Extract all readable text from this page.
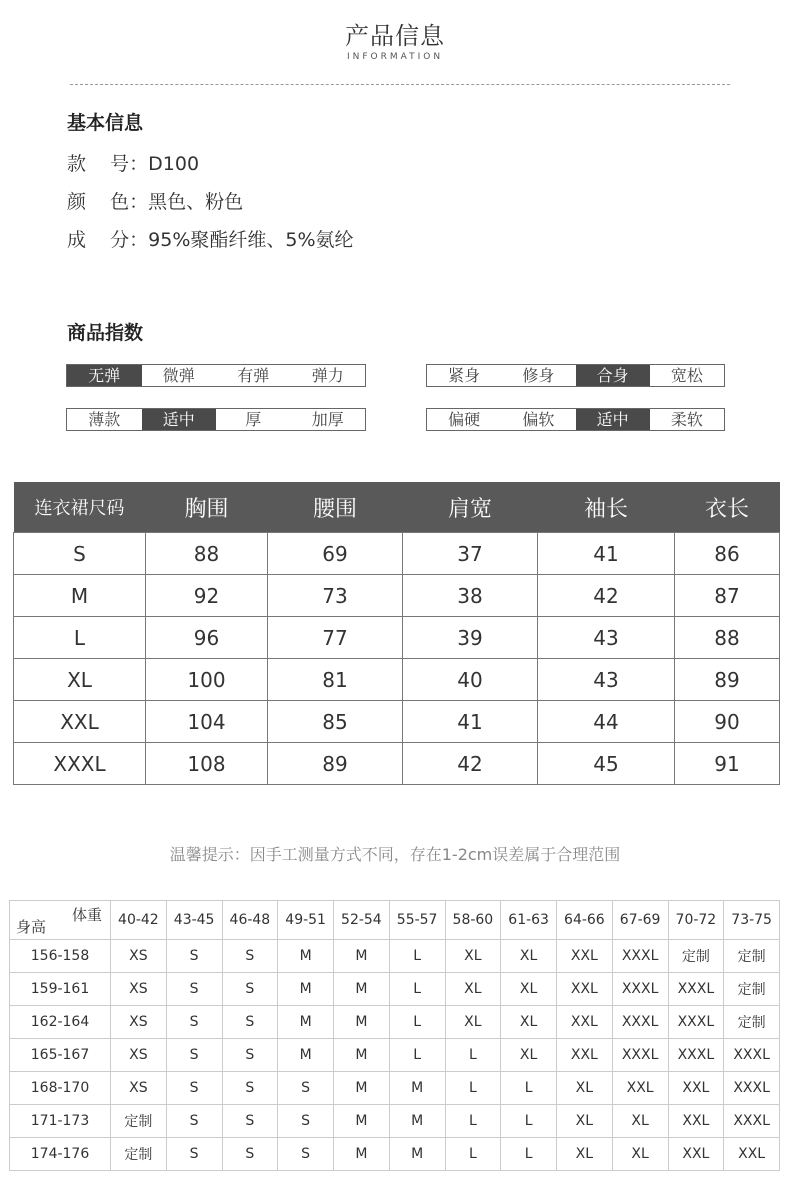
产品信息
INFORMATION
基本信息
款    号：D100
颜    色：黑色、粉色
成    分：95%聚酯纤维、5%氨纶
商品指数
无弹	微弹	有弹	弹力	紧身	修身	合身	宽松
薄款	适中	厚	加厚	偏硬	偏软	适中	柔软
连衣裙尺码	胸围	腰围	肩宽	袖长	衣长
S	88	69	37	41	86
M	92	73	38	42	87
L	96	77	39	43	88
XL	100	81	40	43	89
XXL	104	85	41	44	90
XXXL	108	89	42	45	91
温馨提示：因手工测量方式不同，存在1-2cm误差属于合理范围
体重
身高	40-42	43-45	46-48	49-51	52-54	55-57	58-60	61-63	64-66	67-69	70-72	73-75
156-158	XS	S	S	M	M	L	XL	XL	XXL	XXXL	定制	定制
159-161	XS	S	S	M	M	L	XL	XL	XXL	XXXL	XXXL	定制
162-164	XS	S	S	M	M	L	XL	XL	XXL	XXXL	XXXL	定制
165-167	XS	S	S	M	M	L	L	XL	XXL	XXXL	XXXL	XXXL
168-170	XS	S	S	S	M	M	L	L	XL	XXL	XXL	XXXL
171-173	定制	S	S	S	M	M	L	L	XL	XL	XXL	XXXL
174-176	定制	S	S	S	M	M	L	L	XL	XL	XXL	XXL
